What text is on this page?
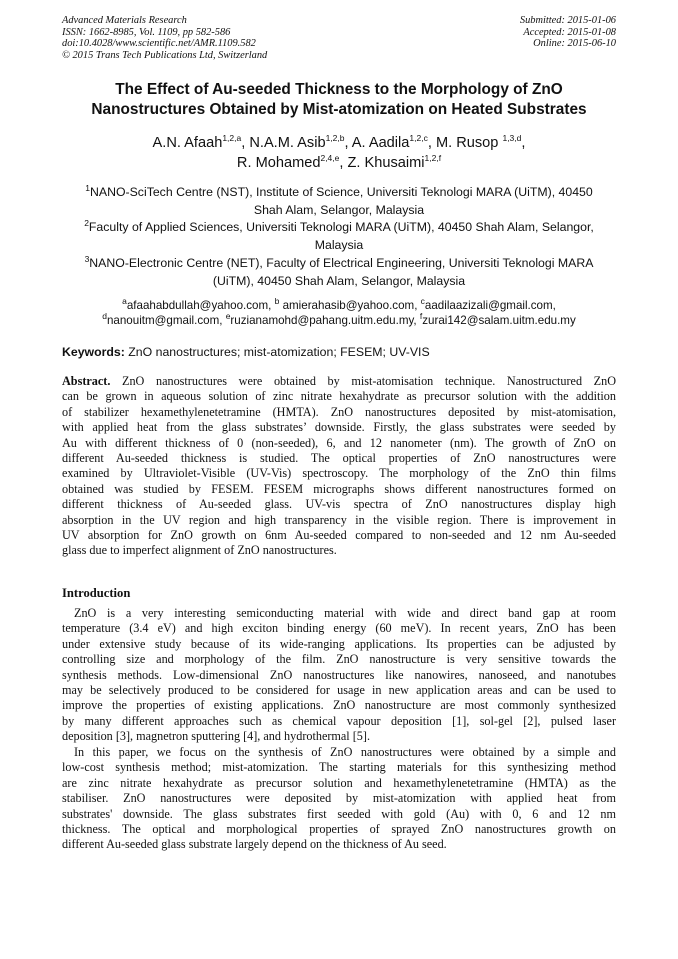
Advanced Materials Research
ISSN: 1662-8985, Vol. 1109, pp 582-586
doi:10.4028/www.scientific.net/AMR.1109.582
© 2015 Trans Tech Publications Ltd, Switzerland
Submitted: 2015-01-06
Accepted: 2015-01-08
Online: 2015-06-10
The Effect of Au-seeded Thickness to the Morphology of ZnO
Nanostructures Obtained by Mist-atomization on Heated Substrates
A.N. Afaah$^{1,2,a}$, N.A.M. Asib$^{1,2,b}$, A. Aadila$^{1,2,c}$, M. Rusop $^{1,3,d}$,
R. Mohamed$^{2,4,e}$, Z. Khusaimi$^{1,2,f}$
$^1$NANO-SciTech Centre (NST), Institute of Science, Universiti Teknologi MARA (UiTM), 40450
Shah Alam, Selangor, Malaysia
$^2$Faculty of Applied Sciences, Universiti Teknologi MARA (UiTM), 40450 Shah Alam, Selangor,
Malaysia
$^3$NANO-Electronic Centre (NET), Faculty of Electrical Engineering, Universiti Teknologi MARA
(UiTM), 40450 Shah Alam, Selangor, Malaysia
$^a$afaahabdullah@yahoo.com, $^b$ amierahasib@yahoo.com, $^c$aadilaazizali@gmail.com,
$^d$nanouitm@gmail.com, $^e$ruzianamohd@pahang.uitm.edu.my, $^f$zurai142@salam.uitm.edu.my
Keywords: ZnO nanostructures; mist-atomization; FESEM; UV-VIS
Abstract. ZnO nanostructures were obtained by mist-atomisation technique. Nanostructured ZnO
can be grown in aqueous solution of zinc nitrate hexahydrate as precursor solution with the addition
of stabilizer hexamethylenetetramine (HMTA). ZnO nanostructures deposited by mist-atomisation,
with applied heat from the glass substrates’ downside. Firstly, the glass substrates were seeded by
Au with different thickness of 0 (non-seeded), 6, and 12 nanometer (nm). The growth of ZnO on
different Au-seeded thickness is studied. The optical properties of ZnO nanostructures were
examined by Ultraviolet-Visible (UV-Vis) spectroscopy. The morphology of the ZnO thin films
obtained was studied by FESEM. FESEM micrographs shows different nanostructures formed on
different thickness of Au-seeded glass. UV-vis spectra of ZnO nanostructures display high
absorption in the UV region and high transparency in the visible region. There is improvement in
UV absorption for ZnO growth on 6nm Au-seeded compared to non-seeded and 12 nm Au-seeded
glass due to imperfect alignment of ZnO nanostructures.
Introduction
ZnO is a very interesting semiconducting material with wide and direct band gap at room
temperature (3.4 eV) and high exciton binding energy (60 meV). In recent years, ZnO has been
under extensive study because of its wide-ranging applications. Its properties can be adjusted by
controlling size and morphology of the film. ZnO nanostructure is very sensitive towards the
synthesis methods. Low-dimensional ZnO nanostructures like nanowires, nanoseed, and nanotubes
may be selectively produced to be considered for usage in new application areas and can be used to
improve the properties of existing applications. ZnO nanostructure are most commonly synthesized
by many different approaches such as chemical vapour deposition [1], sol-gel [2], pulsed laser
deposition [3], magnetron sputtering [4], and hydrothermal [5].
In this paper, we focus on the synthesis of ZnO nanostructures were obtained by a simple and
low-cost synthesis method; mist-atomization. The starting materials for this synthesizing method
are zinc nitrate hexahydrate as precursor solution and hexamethylenetetramine (HMTA) as the
stabiliser. ZnO nanostructures were deposited by mist-atomization with applied heat from
substrates' downside. The glass substrates first seeded with gold (Au) with 0, 6 and 12 nm
thickness. The optical and morphological properties of sprayed ZnO nanostructures growth on
different Au-seeded glass substrate largely depend on the thickness of Au seed.
